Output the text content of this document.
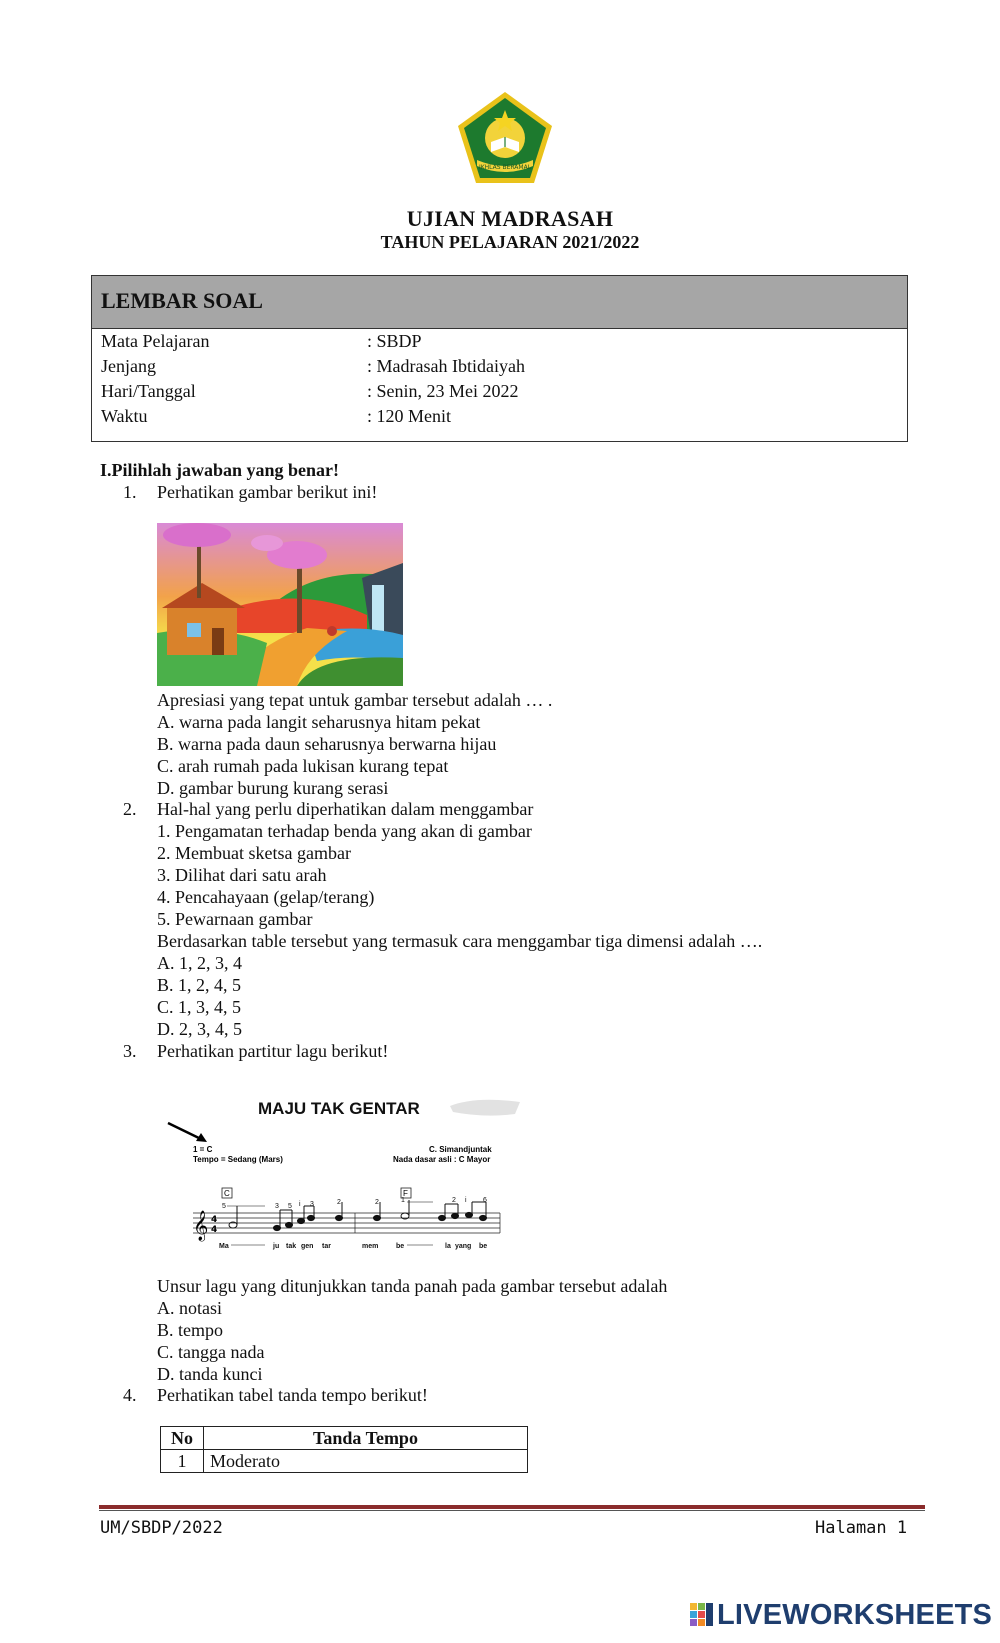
IKHLAS BERAMAL
UJIAN MADRASAH
TAHUN PELAJARAN 2021/2022
LEMBAR SOAL
Mata Pelajaran	: SBDP
Jenjang	: Madrasah Ibtidaiyah
Hari/Tanggal	: Senin, 23 Mei 2022
Waktu	: 120 Menit
I.Pilihlah jawaban yang benar!
1. Perhatikan gambar berikut ini!
Apresiasi yang tepat untuk gambar tersebut adalah … .
A. warna pada langit seharusnya hitam pekat
B. warna pada daun seharusnya berwarna hijau
C. arah rumah pada lukisan kurang tepat
D. gambar burung kurang serasi
2. Hal-hal yang perlu diperhatikan dalam menggambar
1. Pengamatan terhadap benda yang akan di gambar
2. Membuat sketsa gambar
3. Dilihat dari satu arah
4. Pencahayaan (gelap/terang)
5. Pewarnaan gambar
Berdasarkan table tersebut yang termasuk cara menggambar tiga dimensi adalah ….
A. 1, 2, 3, 4
B. 1, 2, 4, 5
C. 1, 3, 4, 5
D. 2, 3, 4, 5
3. Perhatikan partitur lagu berikut!
MAJU TAK GENTAR
1 = C
Tempo = Sedang (Mars)
C. Simandjuntak
Nada dasar asli : C Mayor
C	F
𝄞 4
4
5	3 5 i 3	2	2	1	2 i 6
Ma	ju tak gen tar	mem	be	la yang be
Unsur lagu yang ditunjukkan tanda panah pada gambar tersebut adalah
A. notasi
B. tempo
C. tangga nada
D. tanda kunci
4. Perhatikan tabel tanda tempo berikut!
No	Tanda Tempo
1	Moderato
UM/SBDP/2022	Halaman 1
LIVEWORKSHEETS
